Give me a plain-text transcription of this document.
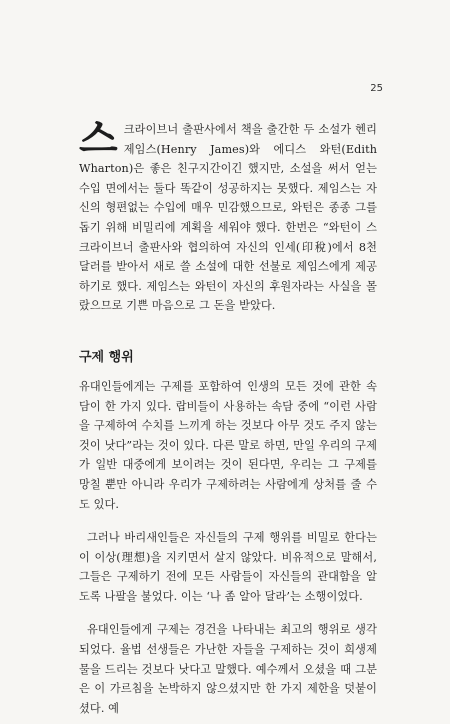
25

스크라이브너 출판사에서 책을 출간한 두 소설가 헨리 제임스(Henry James)와 에디스 와턴(Edith Wharton)은 좋은 친구지간이긴 했지만, 소설을 써서 얻는 수입 면에서는 둘다 똑같이 성공하지는 못했다. 제임스는 자신의 형편없는 수입에 매우 민감했으므로, 와턴은 종종 그를 돕기 위해 비밀리에 계획을 세워야 했다. 한번은 “와턴이 스크라이브너 출판사와 협의하여 자신의 인세(印稅)에서 8천 달러를 받아서 새로 쓸 소설에 대한 선불로 제임스에게 제공하기로 했다. 제임스는 와턴이 자신의 후원자라는 사실을 몰랐으므로 기쁜 마음으로 그 돈을 받았다.

구제 행위

유대인들에게는 구제를 포함하여 인생의 모든 것에 관한 속담이 한 가지 있다. 랍비들이 사용하는 속담 중에 “이런 사람을 구제하여 수치를 느끼게 하는 것보다 아무 것도 주지 않는 것이 낫다”라는 것이 있다. 다른 말로 하면, 만일 우리의 구제가 일반 대중에게 보이려는 것이 된다면, 우리는 그 구제를 망칠 뿐만 아니라 우리가 구제하려는 사람에게 상처를 줄 수도 있다.

그러나 바리새인들은 자신들의 구제 행위를 비밀로 한다는 이 이상(理想)을 지키면서 살지 않았다. 비유적으로 말해서, 그들은 구제하기 전에 모든 사람들이 자신들의 관대함을 알도록 나팔을 불었다. 이는 ‘나 좀 알아 달라’는 소행이었다.

유대인들에게 구제는 경건을 나타내는 최고의 행위로 생각되었다. 율법 선생들은 가난한 자들을 구제하는 것이 희생제물을 드리는 것보다 낫다고 말했다. 예수께서 오셨을 때 그분은 이 가르침을 논박하지 않으셨지만 한 가지 제한을 덧붙이셨다. 예
